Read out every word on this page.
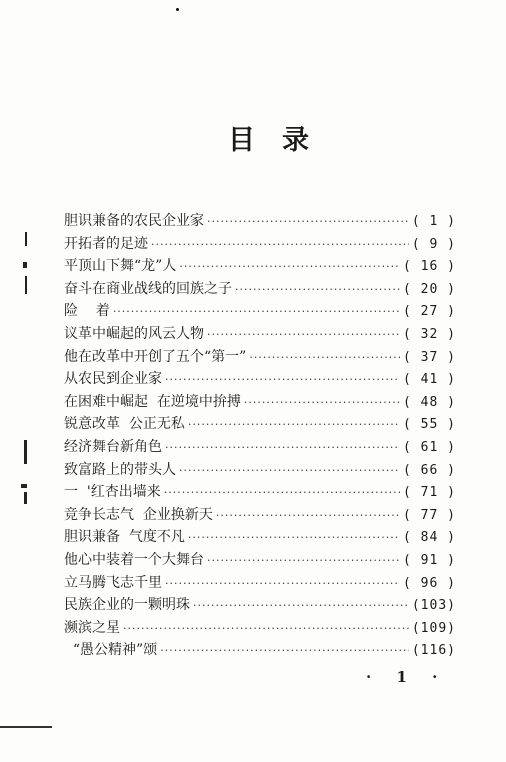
目 录
胆识兼备的农民企业家 ·····	( 1 )
开拓者的足迹 ·····	( 9 )
平顶山下舞“龙”人 ·····	( 16 )
奋斗在商业战线的回族之子 ·····	( 20 )
险    着 ·····	( 27 )
议革中崛起的风云人物 ·····	( 32 )
他在改革中开创了五个“第一” ·····	( 37 )
从农民到企业家 ·····	( 41 )
在困难中崛起  在逆境中拚搏 ·····	( 48 )
锐意改革  公正无私 ·····	( 55 )
经济舞台新角色 ·····	( 61 )
致富路上的带头人 ·····	( 66 )
一  '红杏出墙来 ·····	( 71 )
竞争长志气  企业换新天 ·····	( 77 )
胆识兼备  气度不凡 ·····	( 84 )
他心中装着一个大舞台 ·····	( 91 )
立马腾飞志千里 ·····	( 96 )
民族企业的一颗明珠 ·····	(103)
濒滨之星 ·····	(109)
“愚公精神”颂 ·····	(116)
· 1 ·
